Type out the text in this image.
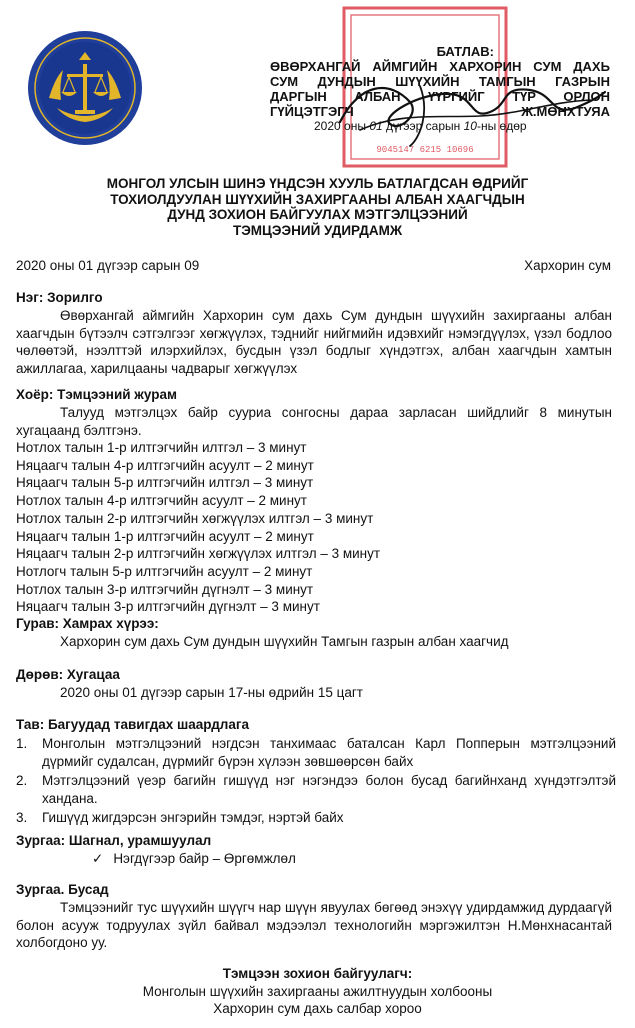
9045147 6215 10696
БАТЛАВ:
ӨВӨРХАНГАЙ АЙМГИЙН ХАРХОРИН СУМ ДАХЬ
СУМ ДУНДЫН ШҮҮХИЙН ТАМГЫН ГАЗРЫН
ДАРГЫН АЛБАН ҮҮРГИЙГ ТҮР ОРЛОН
ГҮЙЦЭТГЭГЧ	Ж.МӨНХТУЯА
2020 оны 01 дүгээр сарын 10-ны өдөр
МОНГОЛ УЛСЫН ШИНЭ ҮНДСЭН ХУУЛЬ БАТЛАГДСАН ӨДРИЙГ
ТОХИОЛДУУЛАН ШҮҮХИЙН ЗАХИРГААНЫ АЛБАН ХААГЧДЫН
ДУНД ЗОХИОН БАЙГУУЛАХ МЭТГЭЛЦЭЭНИЙ
ТЭМЦЭЭНИЙ УДИРДАМЖ
2020 оны 01 дүгээр сарын 09	Хархорин сум
Нэг: Зорилго
Өвөрхангай аймгийн Хархорин сум дахь Сум дундын шүүхийн захиргааны албан хаагчдын бүтээлч сэтгэлгээг хөгжүүлэх, тэднийг нийгмийн идэвхийг нэмэгдүүлэх, үзэл бодлоо чөлөөтэй, нээлттэй илэрхийлэх, бусдын үзэл бодлыг хүндэтгэх, албан хаагчдын хамтын ажиллагаа, харилцааны чадварыг хөгжүүлэх
Хоёр: Тэмцээний журам
Талууд мэтгэлцэх байр сууриа сонгосны дараа зарласан шийдлийг 8 минутын хугацаанд бэлтгэнэ.
Нотлох талын 1-р илтгэгчийн илтгэл – 3 минут
Няцаагч талын 4-р илтгэгчийн асуулт – 2 минут
Няцаагч талын 5-р илтгэгчийн илтгэл – 3 минут
Нотлох талын 4-р илтгэгчийн асуулт – 2 минут
Нотлох талын 2-р илтгэгчийн хөгжүүлэх илтгэл – 3 минут
Няцаагч талын 1-р илтгэгчийн асуулт – 2 минут
Няцаагч талын 2-р илтгэгчийн хөгжүүлэх илтгэл – 3 минут
Нотлогч талын 5-р илтгэгчийн асуулт – 2 минут
Нотлох талын 3-р илтгэгчийн дүгнэлт – 3 минут
Няцаагч талын 3-р илтгэгчийн дүгнэлт – 3 минут
Гурав: Хамрах хүрээ:
Хархорин сум дахь Сум дундын шүүхийн Тамгын газрын албан хаагчид
Дөрөв: Хугацаа
2020 оны 01 дүгээр сарын 17-ны өдрийн 15 цагт
Тав: Багуудад тавигдах шаардлага
1.	Монголын мэтгэлцээний нэгдсэн танхимаас баталсан Карл Попперын мэтгэлцээний дүрмийг судалсан, дүрмийг бүрэн хүлээн зөвшөөрсөн байх
2.	Мэтгэлцээний үеэр багийн гишүүд нэг нэгэндээ болон бусад багийнханд хүндэтгэлтэй хандана.
3.	Гишүүд жигдэрсэн энгэрийн тэмдэг, нэртэй байх
Зургаа: Шагнал, урамшуулал
✓ Нэгдүгээр байр – Өргөмжлөл
Зургаа. Бусад
Тэмцээнийг тус шүүхийн шүүгч нар шүүн явуулах бөгөөд энэхүү удирдамжид дурдаагүй болон асууж тодруулах зүйл байвал мэдээлэл технологийн мэргэжилтэн Н.Мөнхнасантай холбогдоно уу.
Тэмцээн зохион байгуулагч:
Монголын шүүхийн захиргааны ажилтнуудын холбооны
Хархорин сум дахь салбар хороо
